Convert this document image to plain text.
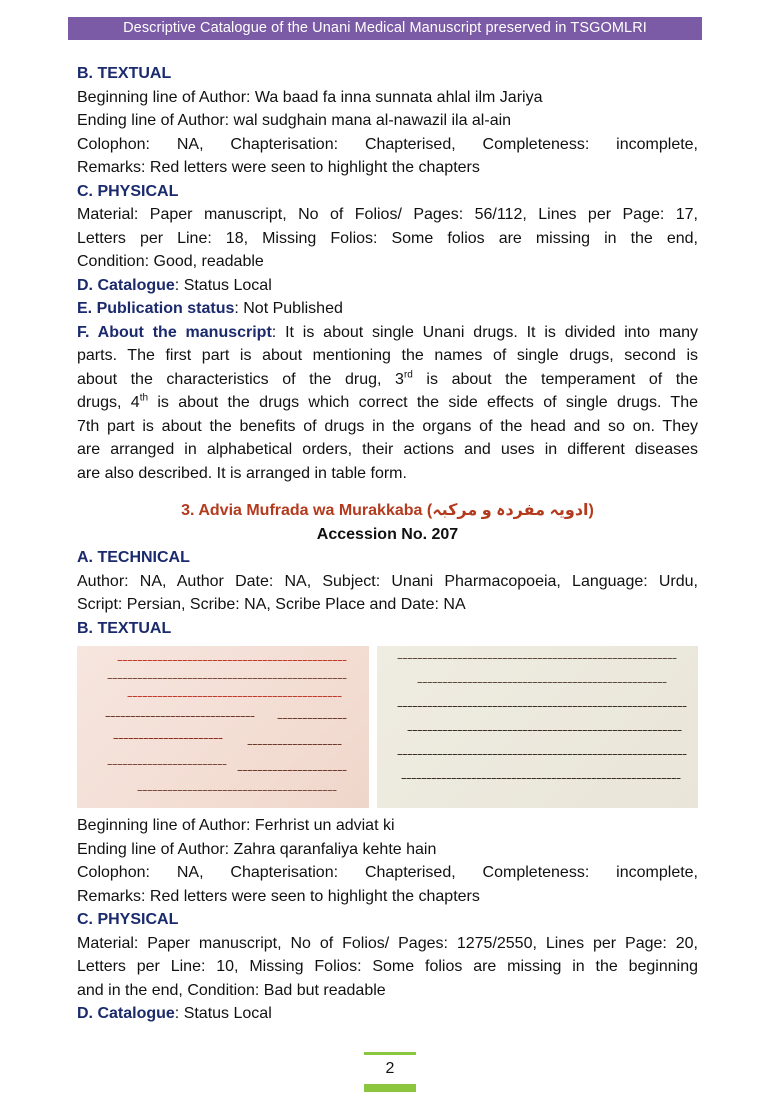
Descriptive Catalogue of the Unani Medical Manuscript preserved in TSGOMLRI
B. TEXTUAL
Beginning line of Author: Wa baad fa inna sunnata ahlal ilm Jariya
Ending line of Author: wal sudghain mana al-nawazil ila al-ain
Colophon: NA, Chapterisation: Chapterised, Completeness: incomplete,
Remarks: Red letters were seen to highlight the chapters
C. PHYSICAL
Material: Paper manuscript, No of Folios/ Pages: 56/112, Lines per Page: 17,
Letters per Line: 18, Missing Folios: Some folios are missing in the end,
Condition: Good, readable
D. Catalogue: Status Local
E. Publication status: Not Published
F. About the manuscript: It is about single Unani drugs. It is divided into many
parts. The first part is about mentioning the names of single drugs, second is
about the characteristics of the drug, 3rd is about the temperament of the
drugs, 4th is about the drugs which correct the side effects of single drugs. The
7th part is about the benefits of drugs in the organs of the head and so on. They
are arranged in alphabetical orders, their actions and uses in different diseases
are also described. It is arranged in table form.
3. Advia Mufrada wa Murakkaba (ادویہ مفردہ و مرکبہ)
Accession No. 207
A. TECHNICAL
Author: NA, Author Date: NA, Subject: Unani Pharmacopoeia, Language: Urdu,
Script: Persian, Scribe: NA, Scribe Place and Date: NA
B. TEXTUAL
Beginning line of Author: Ferhrist un adviat ki
Ending line of Author: Zahra qaranfaliya kehte hain
Colophon: NA, Chapterisation: Chapterised, Completeness: incomplete,
Remarks: Red letters were seen to highlight the chapters
C. PHYSICAL
Material: Paper manuscript, No of Folios/ Pages: 1275/2550, Lines per Page: 20,
Letters per Line: 10, Missing Folios: Some folios are missing in the beginning
and in the end, Condition: Bad but readable
D. Catalogue: Status Local
2
